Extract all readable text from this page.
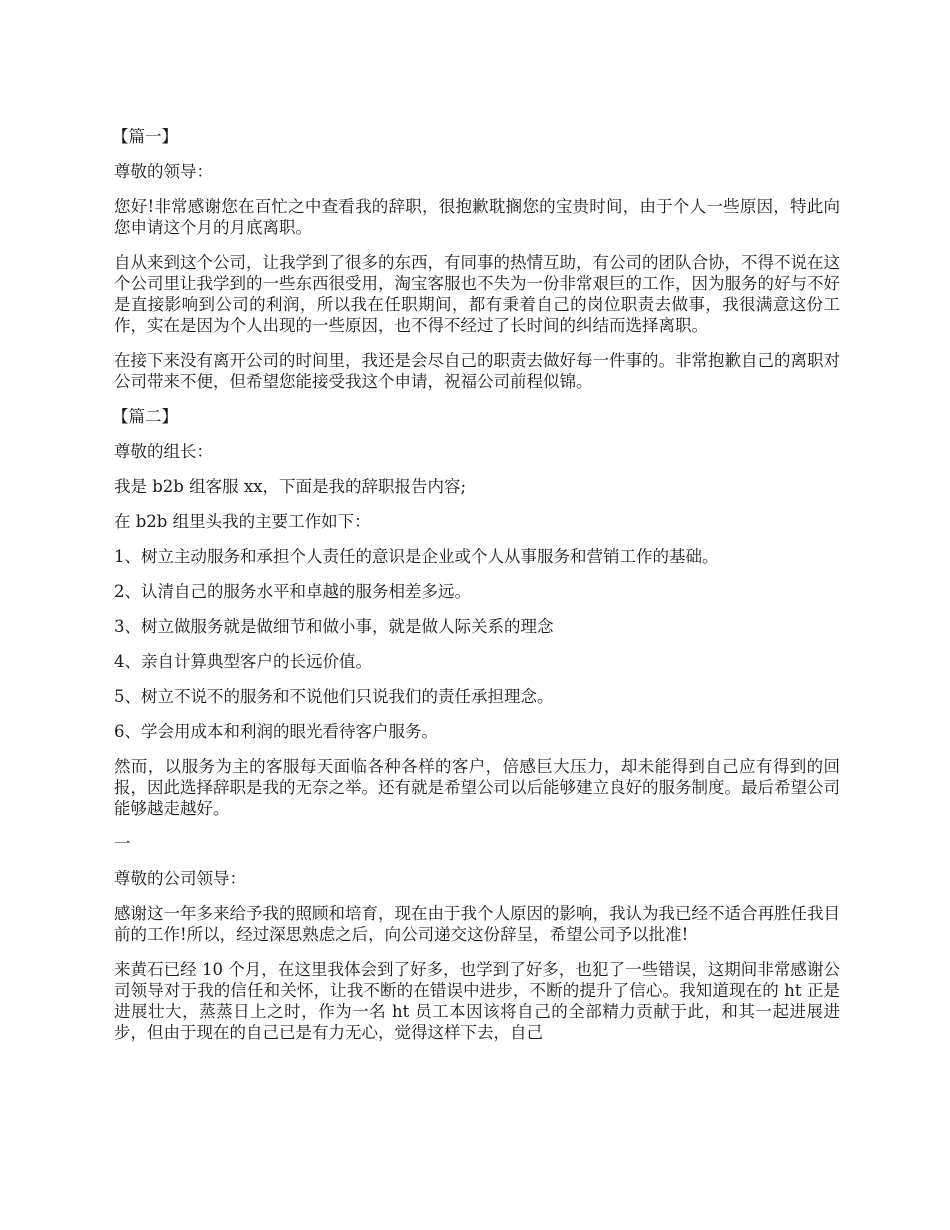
【篇一】

尊敬的领导：

您好!非常感谢您在百忙之中查看我的辞职，很抱歉耽搁您的宝贵时间，由于个人一些原因，特此向您申请这个月的月底离职。

自从来到这个公司，让我学到了很多的东西，有同事的热情互助，有公司的团队合协，不得不说在这个公司里让我学到的一些东西很受用，淘宝客服也不失为一份非常艰巨的工作，因为服务的好与不好是直接影响到公司的利润，所以我在任职期间，都有秉着自己的岗位职责去做事，我很满意这份工作，实在是因为个人出现的一些原因，也不得不经过了长时间的纠结而选择离职。

在接下来没有离开公司的时间里，我还是会尽自己的职责去做好每一件事的。非常抱歉自己的离职对公司带来不便，但希望您能接受我这个申请，祝福公司前程似锦。

【篇二】

尊敬的组长：

我是 b2b 组客服 xx，下面是我的辞职报告内容;

在 b2b 组里头我的主要工作如下：

1、树立主动服务和承担个人责任的意识是企业或个人从事服务和营销工作的基础。

2、认清自己的服务水平和卓越的服务相差多远。

3、树立做服务就是做细节和做小事，就是做人际关系的理念

4、亲自计算典型客户的长远价值。

5、树立不说不的服务和不说他们只说我们的责任承担理念。

6、学会用成本和利润的眼光看待客户服务。

然而，以服务为主的客服每天面临各种各样的客户，倍感巨大压力，却未能得到自己应有得到的回报，因此选择辞职是我的无奈之举。还有就是希望公司以后能够建立良好的服务制度。最后希望公司能够越走越好。

一

尊敬的公司领导：

感谢这一年多来给予我的照顾和培育，现在由于我个人原因的影响，我认为我已经不适合再胜任我目前的工作!所以，经过深思熟虑之后，向公司递交这份辞呈，希望公司予以批准!

来黄石已经 10 个月，在这里我体会到了好多，也学到了好多，也犯了一些错误，这期间非常感谢公司领导对于我的信任和关怀，让我不断的在错误中进步，不断的提升了信心。我知道现在的 ht 正是进展壮大，蒸蒸日上之时，作为一名 ht 员工本因该将自己的全部精力贡献于此，和其一起进展进步，但由于现在的自己已是有力无心，觉得这样下去，自己
